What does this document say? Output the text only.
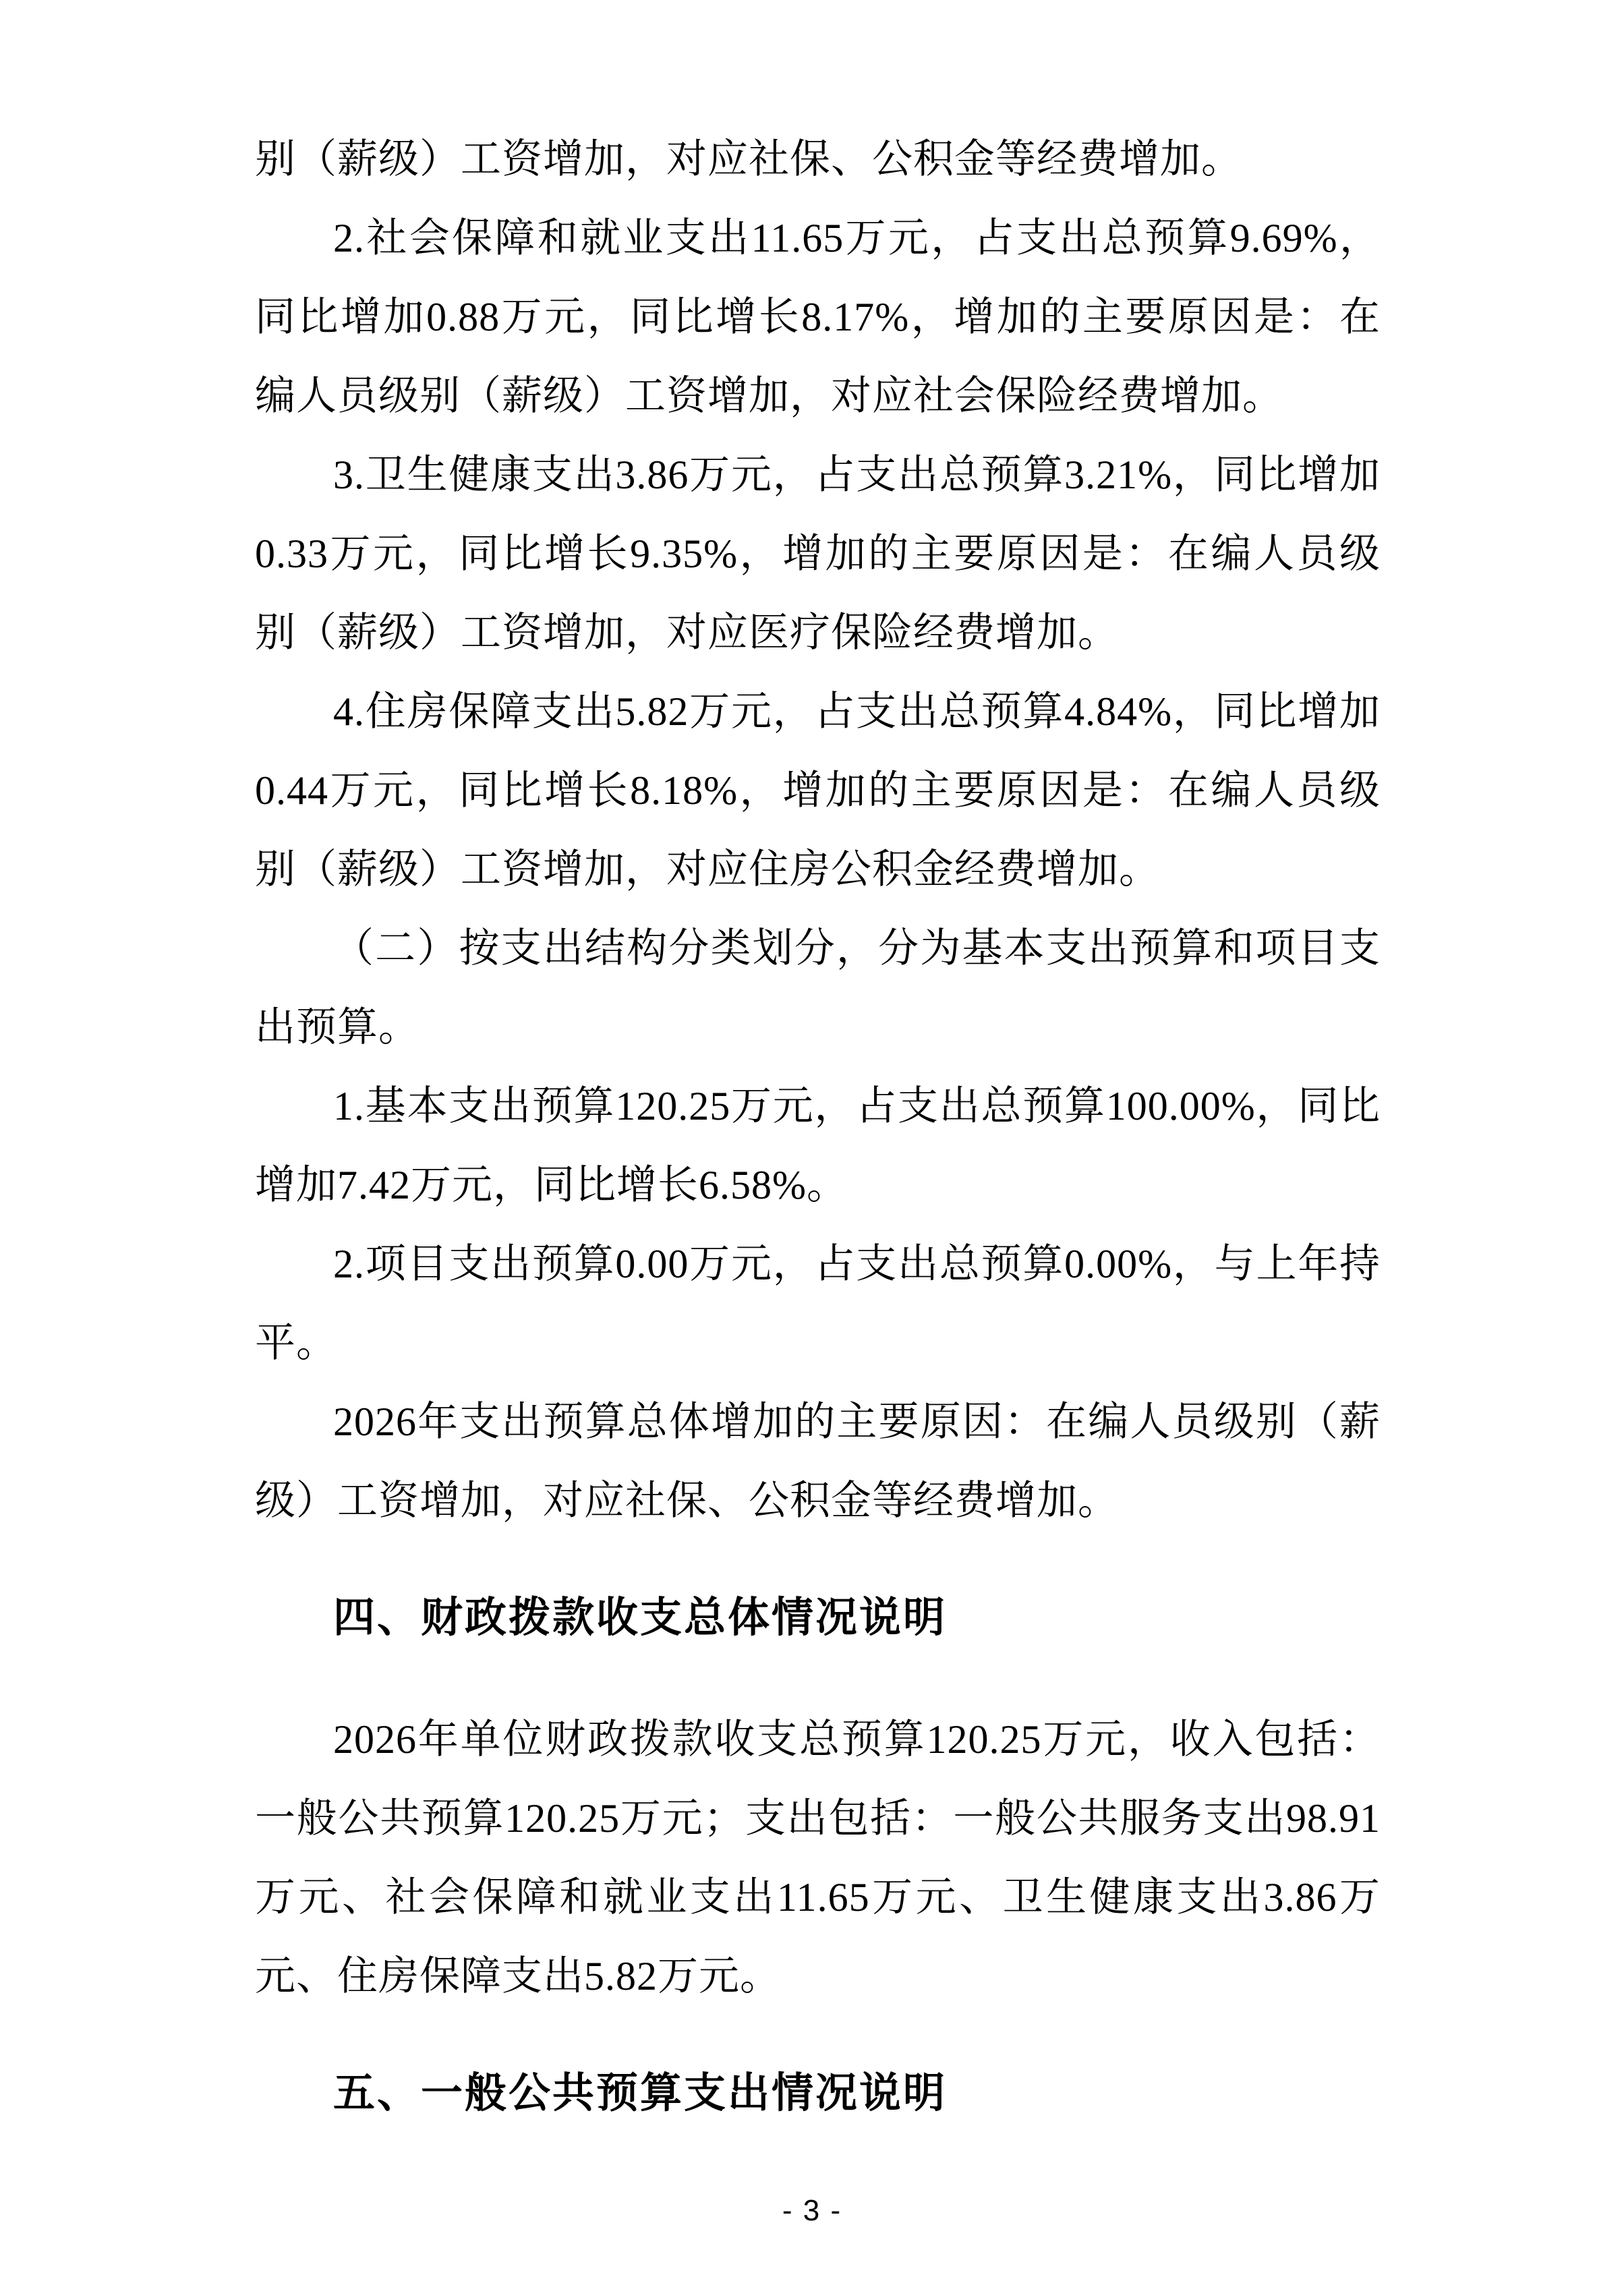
别（薪级）工资增加，对应社保、公积金等经费增加。

2.社会保障和就业支出11.65万元，占支出总预算9.69%，同比增加0.88万元，同比增长8.17%，增加的主要原因是：在编人员级别（薪级）工资增加，对应社会保险经费增加。

3.卫生健康支出3.86万元，占支出总预算3.21%，同比增加0.33万元，同比增长9.35%，增加的主要原因是：在编人员级别（薪级）工资增加，对应医疗保险经费增加。

4.住房保障支出5.82万元，占支出总预算4.84%，同比增加0.44万元，同比增长8.18%，增加的主要原因是：在编人员级别（薪级）工资增加，对应住房公积金经费增加。

（二）按支出结构分类划分，分为基本支出预算和项目支出预算。

1.基本支出预算120.25万元，占支出总预算100.00%，同比增加7.42万元，同比增长6.58%。

2.项目支出预算0.00万元，占支出总预算0.00%，与上年持平。

2026年支出预算总体增加的主要原因：在编人员级别（薪级）工资增加，对应社保、公积金等经费增加。

四、财政拨款收支总体情况说明

2026年单位财政拨款收支总预算120.25万元，收入包括：一般公共预算120.25万元；支出包括：一般公共服务支出98.91万元、社会保障和就业支出11.65万元、卫生健康支出3.86万元、住房保障支出5.82万元。

五、一般公共预算支出情况说明
- 3 -
